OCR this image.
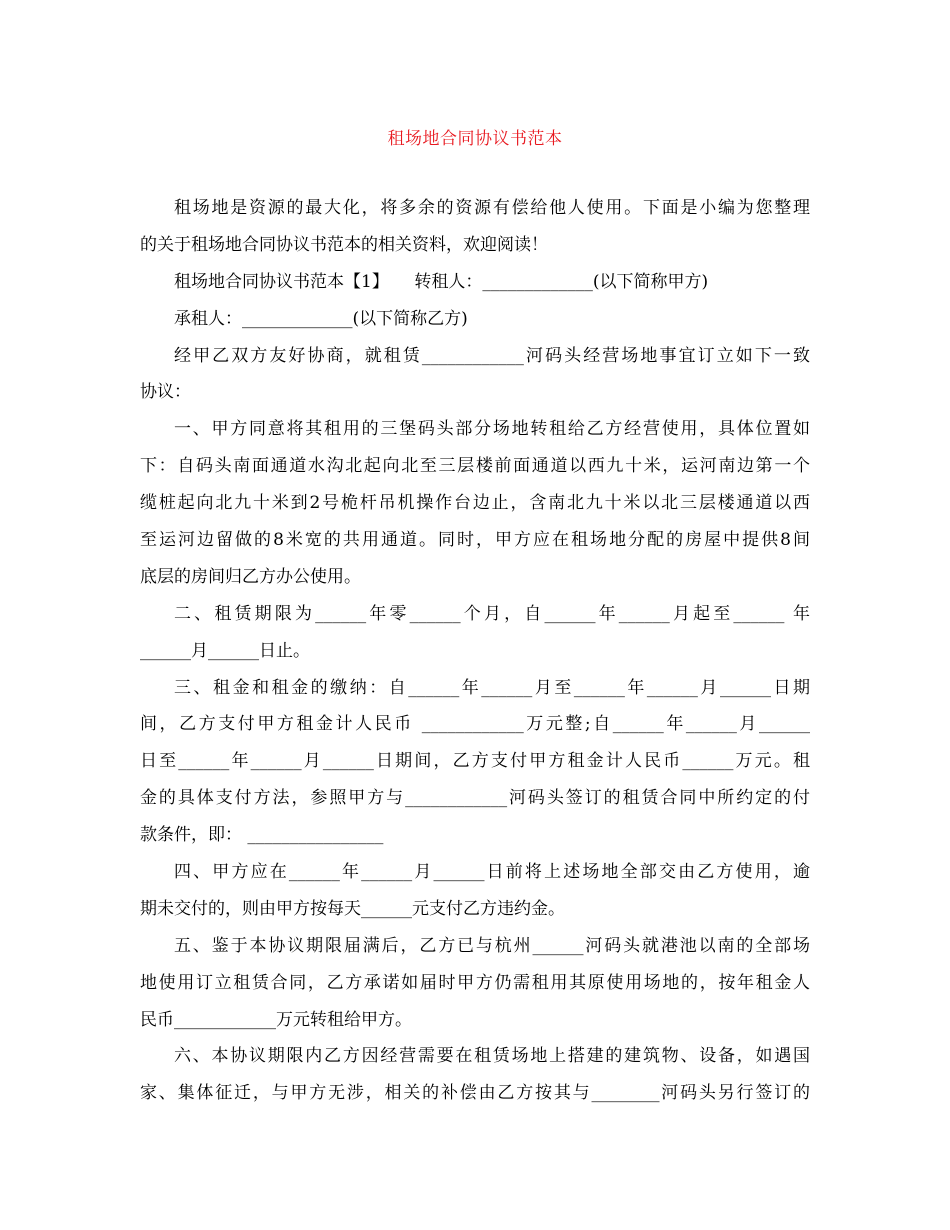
租场地合同协议书范本
租场地是资源的最大化，将多余的资源有偿给他人使用。下面是小编为您整理
的关于租场地合同协议书范本的相关资料，欢迎阅读！
租场地合同协议书范本【1】　　转租人：_____________(以下简称甲方)
承租人：_____________(以下简称乙方)
经甲乙双方友好协商，就租赁____________河码头经营场地事宜订立如下一致
协议：
一、甲方同意将其租用的三堡码头部分场地转租给乙方经营使用，具体位置如
下：自码头南面通道水沟北起向北至三层楼前面通道以西九十米，运河南边第一个
缆桩起向北九十米到2号桅杆吊机操作台边止，含南北九十米以北三层楼通道以西
至运河边留做的8米宽的共用通道。同时，甲方应在租场地分配的房屋中提供8间
底层的房间归乙方办公使用。
二、租赁期限为______年零______个月，自______年______月起至______ 年
______月______日止。
三、租金和租金的缴纳：自______年______月至______年______月______日期
间，乙方支付甲方租金计人民币 ____________万元整;自______年______月______
日至______年______月______日期间，乙方支付甲方租金计人民币______万元。租
金的具体支付方法，参照甲方与____________河码头签订的租赁合同中所约定的付
款条件，即： ________________
四、甲方应在______年______月______日前将上述场地全部交由乙方使用，逾
期未交付的，则由甲方按每天______元支付乙方违约金。
五、鉴于本协议期限届满后，乙方已与杭州______河码头就港池以南的全部场
地使用订立租赁合同，乙方承诺如届时甲方仍需租用其原使用场地的，按年租金人
民币____________万元转租给甲方。
六、本协议期限内乙方因经营需要在租赁场地上搭建的建筑物、设备，如遇国
家、集体征迁，与甲方无涉，相关的补偿由乙方按其与________河码头另行签订的
